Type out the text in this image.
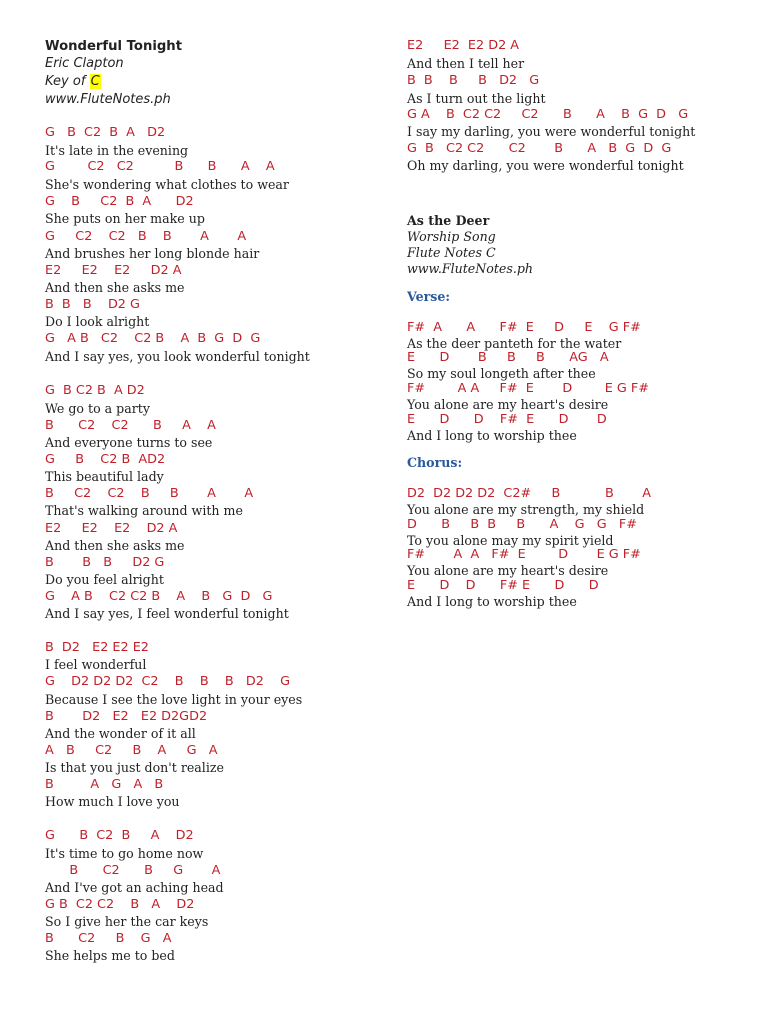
Wonderful Tonight
Eric Clapton
Key of C
www.FluteNotes.ph
G   B  C2  B  A   D2
It's late in the evening
G        C2   C2          B      B      A    A
She's wondering what clothes to wear
G    B     C2  B  A      D2
She puts on her make up
G     C2    C2   B    B       A       A
And brushes her long blonde hair
E2     E2    E2     D2 A
And then she asks me
B  B   B    D2 G
Do I look alright
G   A B   C2    C2 B    A  B  G  D  G
And I say yes, you look wonderful tonight
G  B C2 B  A D2
We go to a party
B      C2    C2      B     A    A
And everyone turns to see
G     B    C2 B  AD2
This beautiful lady
B     C2    C2    B     B       A       A
That's walking around with me
E2     E2    E2    D2 A
And then she asks me
B       B   B     D2 G
Do you feel alright
G    A B    C2 C2 B    A    B   G  D   G
And I say yes, I feel wonderful tonight
B  D2   E2 E2 E2
I feel wonderful
G    D2 D2 D2  C2    B    B    B   D2    G
Because I see the love light in your eyes
B       D2   E2   E2 D2GD2
And the wonder of it all
A   B     C2     B    A     G   A
Is that you just don't realize
B         A   G   A   B
How much I love you
G      B  C2  B     A    D2
It's time to go home now
B      C2      B     G       A
And I've got an aching head
G B  C2 C2    B   A    D2
So I give her the car keys
B      C2     B    G   A
She helps me to bed
E2     E2  E2 D2 A
And then I tell her
B  B    B     B   D2   G
As I turn out the light
G A    B  C2 C2     C2      B      A    B  G  D   G
I say my darling, you were wonderful tonight
G  B   C2 C2      C2       B      A   B  G  D  G
Oh my darling, you were wonderful tonight
As the Deer
Worship Song
Flute Notes C
www.FluteNotes.ph
Verse:
F#  A      A      F#  E     D     E    G F#
As the deer panteth for the water
E      D       B     B     B      AG   A
So my soul longeth after thee
F#        A A     F#  E       D        E G F#
You alone are my heart's desire
E      D      D    F#  E      D       D
And I long to worship thee
Chorus:
D2  D2 D2 D2  C2#     B           B       A
You alone are my strength, my shield
D      B     B  B     B      A    G   G   F#
To you alone may my spirit yield
F#       A  A   F#  E        D       E G F#
You alone are my heart's desire
E      D    D      F# E      D      D
And I long to worship thee
